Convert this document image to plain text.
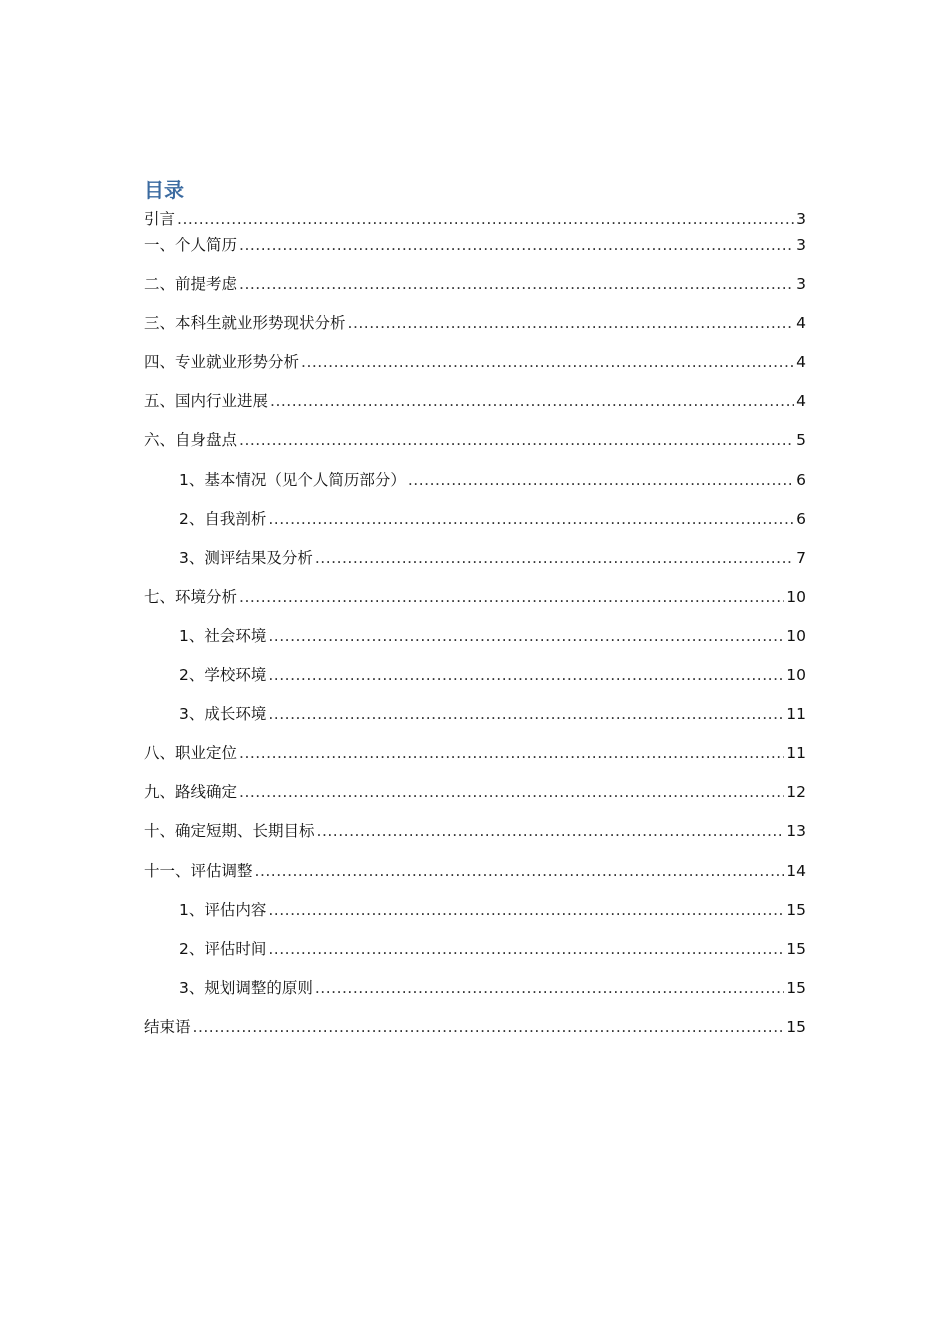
目录
引言 .....	3
一、个人简历 .....	3
二、前提考虑 .....	3
三、本科生就业形势现状分析 .....	4
四、专业就业形势分析 .....	4
五、国内行业进展 .....	4
六、自身盘点 .....	5
1、基本情况（见个人简历部分） .....	6
2、自我剖析 .....	6
3、测评结果及分析 .....	7
七、环境分析 .....	10
1、社会环境 .....	10
2、学校环境 .....	10
3、成长环境 .....	11
八、职业定位 .....	11
九、路线确定 .....	12
十、确定短期、长期目标 .....	13
十一、评估调整 .....	14
1、评估内容 .....	15
2、评估时间 .....	15
3、规划调整的原则 .....	15
结束语 .....	15
